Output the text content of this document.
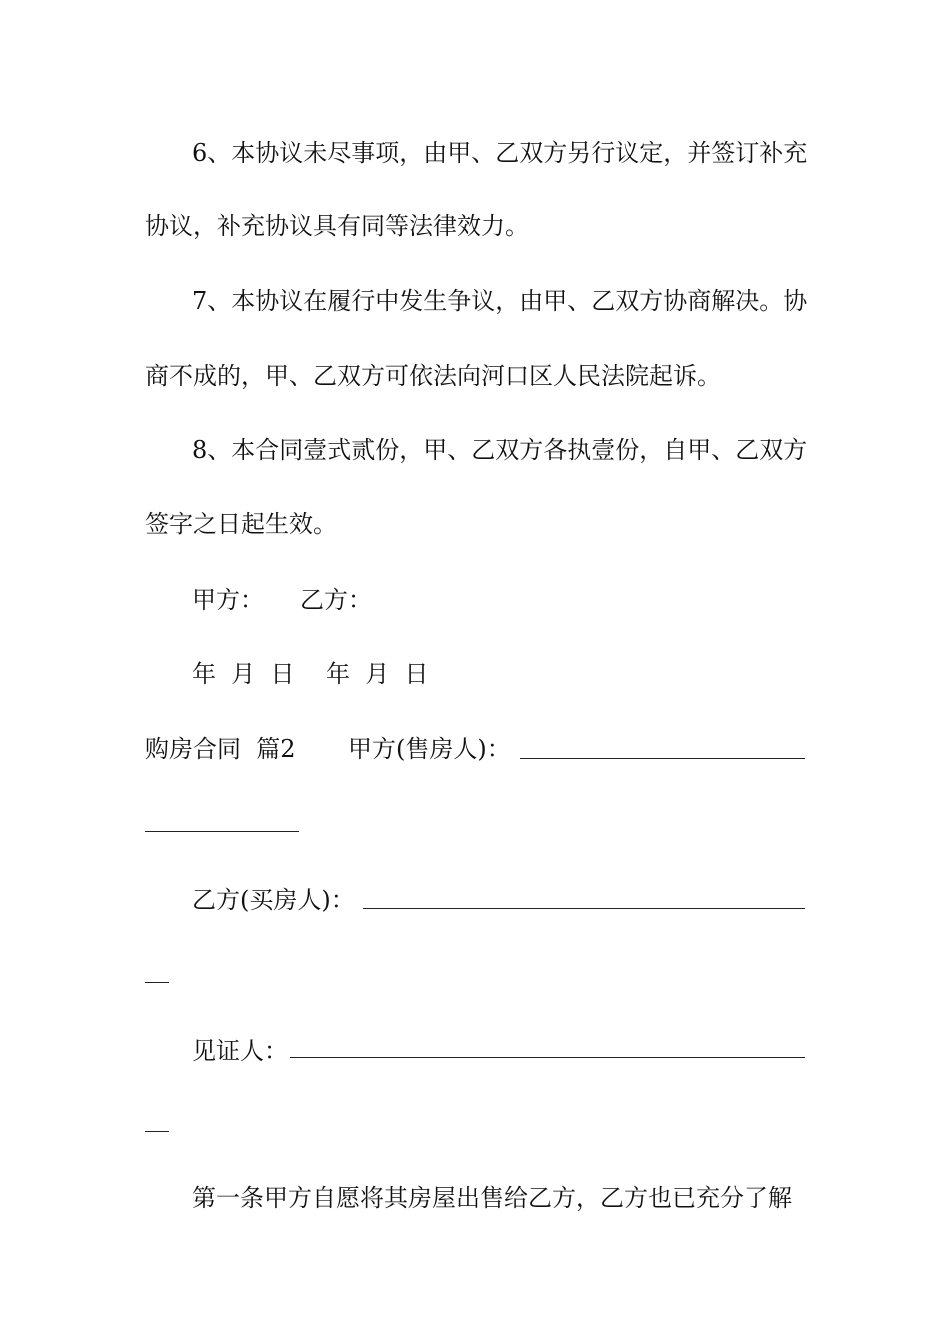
6、本协议未尽事项，由甲、乙双方另行议定，并签订补充
协议，补充协议具有同等法律效力。
7、本协议在履行中发生争议，由甲、乙双方协商解决。协
商不成的，甲、乙双方可依法向河口区人民法院起诉。
8、本合同壹式贰份，甲、乙双方各执壹份，自甲、乙双方
签字之日起生效。
甲方： 乙方：
年  月  日 年  月  日
购房合同  篇2 甲方(售房人)：
乙方(买房人)：
见证人：
第一条甲方自愿将其房屋出售给乙方，乙方也已充分了解
